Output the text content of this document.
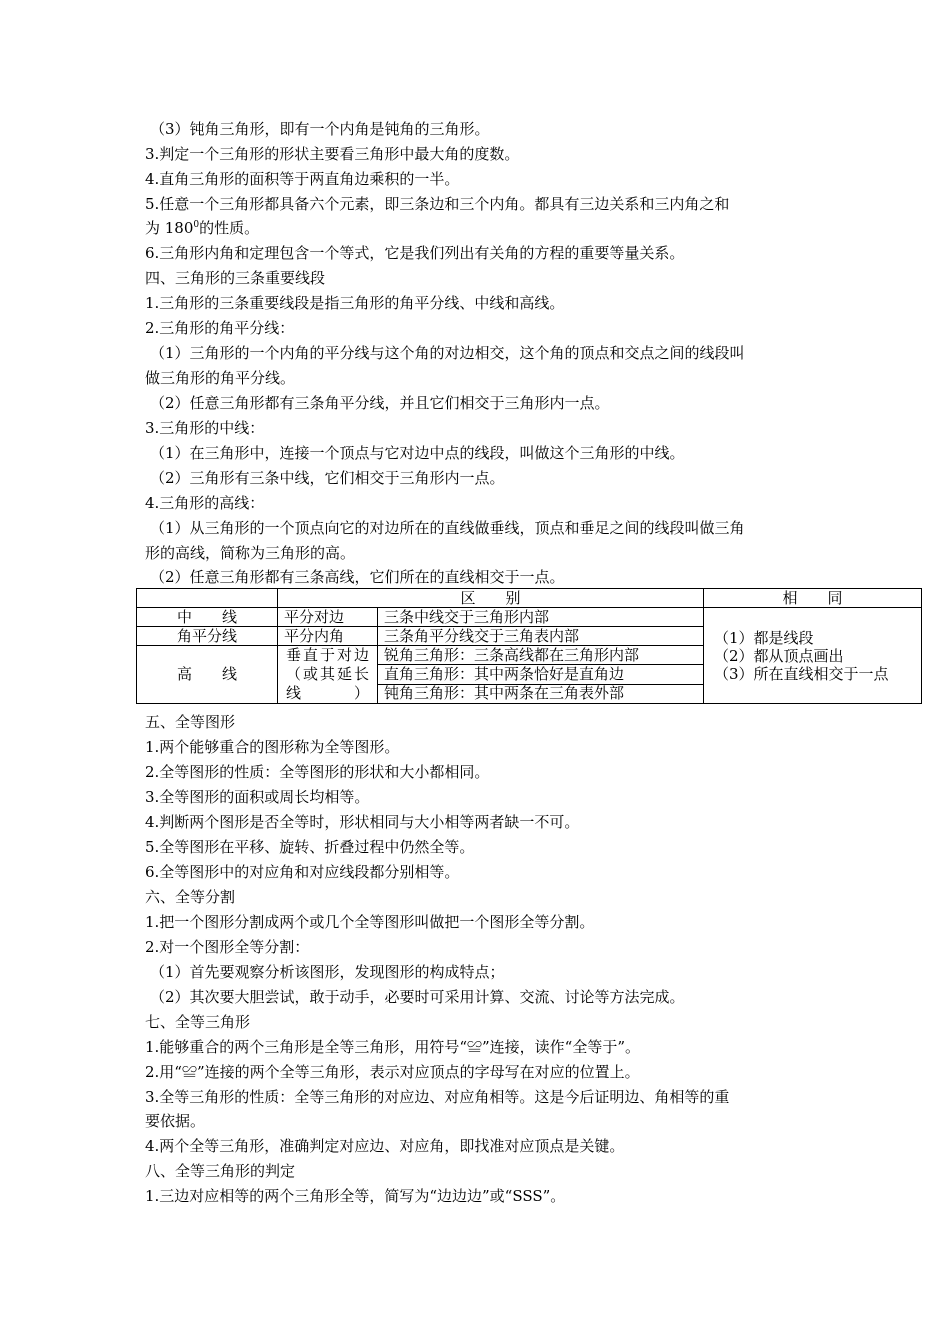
（3）钝角三角形，即有一个内角是钝角的三角形。
3.判定一个三角形的形状主要看三角形中最大角的度数。
4.直角三角形的面积等于两直角边乘积的一半。
5.任意一个三角形都具备六个元素，即三条边和三个内角。都具有三边关系和三内角之和
为 $180^0$的性质。
6.三角形内角和定理包含一个等式，它是我们列出有关角的方程的重要等量关系。
四、三角形的三条重要线段
1.三角形的三条重要线段是指三角形的角平分线、中线和高线。
2.三角形的角平分线：
（1）三角形的一个内角的平分线与这个角的对边相交，这个角的顶点和交点之间的线段叫
做三角形的角平分线。
（2）任意三角形都有三条角平分线，并且它们相交于三角形内一点。
3.三角形的中线：
（1）在三角形中，连接一个顶点与它对边中点的线段，叫做这个三角形的中线。
（2）三角形有三条中线，它们相交于三角形内一点。
4.三角形的高线：
（1）从三角形的一个顶点向它的对边所在的直线做垂线，顶点和垂足之间的线段叫做三角
形的高线，简称为三角形的高。
（2）任意三角形都有三条高线，它们所在的直线相交于一点。
	区　　别		相　　同
中　　线	平分对边	三条中线交于三角形内部	（1）都是线段
（2）都从顶点画出
（3）所在直线相交于一点

角平分线	平分内角	三条角平分线交于三角表内部	
高　　线	垂直于对边（或其延长线）	锐角三角形：三条高线都在三角形内部	
		直角三角形：其中两条恰好是直角边	
		钝角三角形：其中两条在三角表外部	
五、全等图形
1.两个能够重合的图形称为全等图形。
2.全等图形的性质：全等图形的形状和大小都相同。
3.全等图形的面积或周长均相等。
4.判断两个图形是否全等时，形状相同与大小相等两者缺一不可。
5.全等图形在平移、旋转、折叠过程中仍然全等。
6.全等图形中的对应角和对应线段都分别相等。
六、全等分割
1.把一个图形分割成两个或几个全等图形叫做把一个图形全等分割。
2.对一个图形全等分割：
（1）首先要观察分析该图形，发现图形的构成特点；
（2）其次要大胆尝试，敢于动手，必要时可采用计算、交流、讨论等方法完成。
七、全等三角形
1.能够重合的两个三角形是全等三角形，用符号“≌”连接，读作“全等于”。
2.用“≌”连接的两个全等三角形，表示对应顶点的字母写在对应的位置上。
3.全等三角形的性质：全等三角形的对应边、对应角相等。这是今后证明边、角相等的重
要依据。
4.两个全等三角形，准确判定对应边、对应角，即找准对应顶点是关键。
八、全等三角形的判定
1.三边对应相等的两个三角形全等，简写为“边边边”或“SSS”。
